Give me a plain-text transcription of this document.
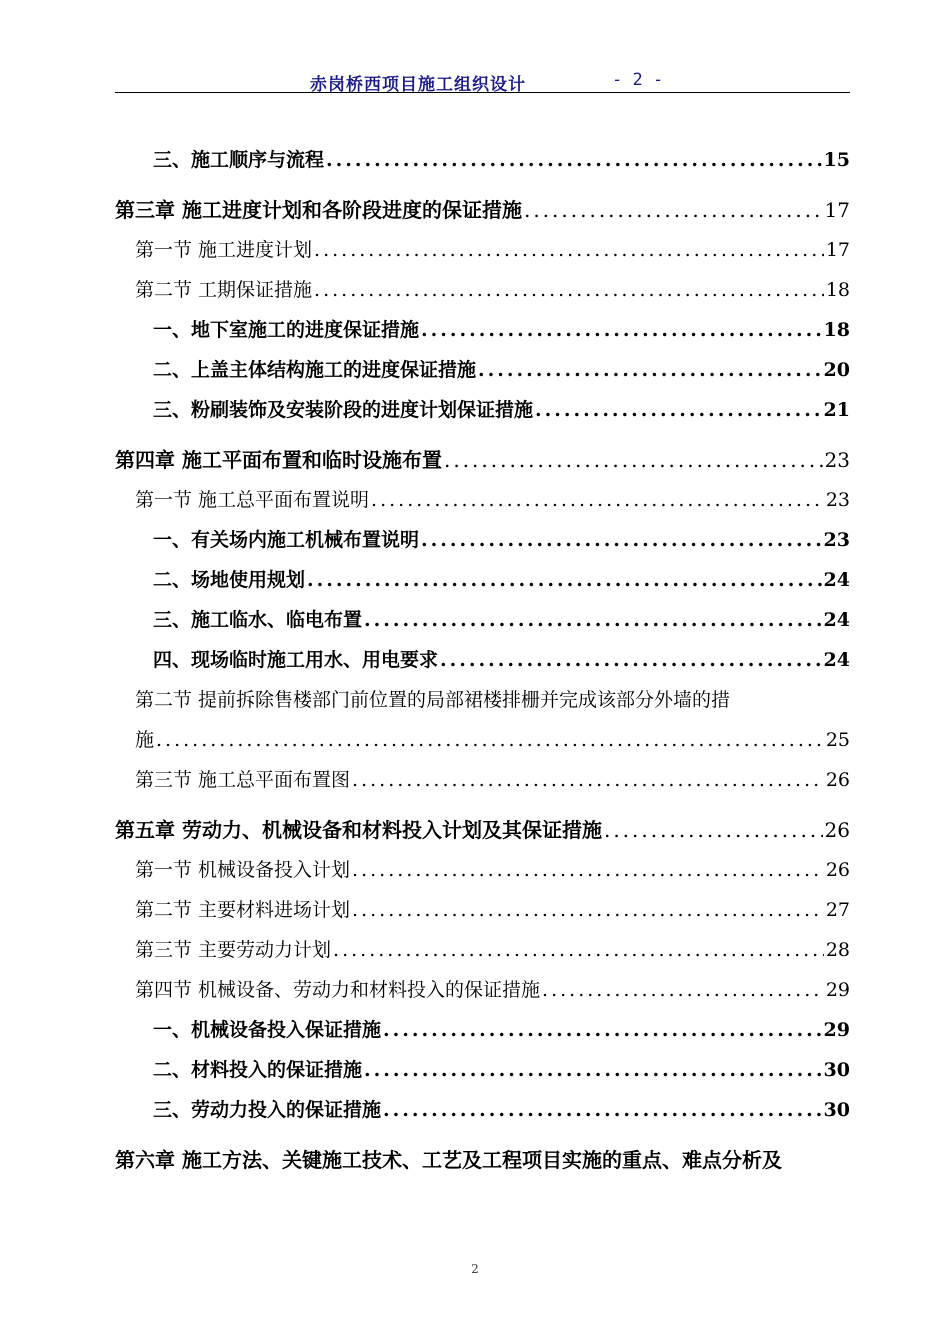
赤岗桥西项目施工组织设计	- 2 -
三、施工顺序与流程 .....	15
第三章 施工进度计划和各阶段进度的保证措施 .....	17
第一节 施工进度计划 .....	17
第二节 工期保证措施 .....	18
一、地下室施工的进度保证措施 .....	18
二、上盖主体结构施工的进度保证措施 .....	20
三、粉刷装饰及安装阶段的进度计划保证措施 .....	21
第四章 施工平面布置和临时设施布置 .....	23
第一节 施工总平面布置说明 .....	23
一、有关场内施工机械布置说明 .....	23
二、场地使用规划 .....	24
三、施工临水、临电布置 .....	24
四、现场临时施工用水、用电要求 .....	24
第二节 提前拆除售楼部门前位置的局部裙楼排栅并完成该部分外墙的措
施 .....	25
第三节 施工总平面布置图 .....	26
第五章 劳动力、机械设备和材料投入计划及其保证措施 .....	26
第一节 机械设备投入计划 .....	26
第二节 主要材料进场计划 .....	27
第三节 主要劳动力计划 .....	28
第四节 机械设备、劳动力和材料投入的保证措施 .....	29
一、机械设备投入保证措施 .....	29
二、材料投入的保证措施 .....	30
三、劳动力投入的保证措施 .....	30
第六章 施工方法、关键施工技术、工艺及工程项目实施的重点、难点分析及
2
